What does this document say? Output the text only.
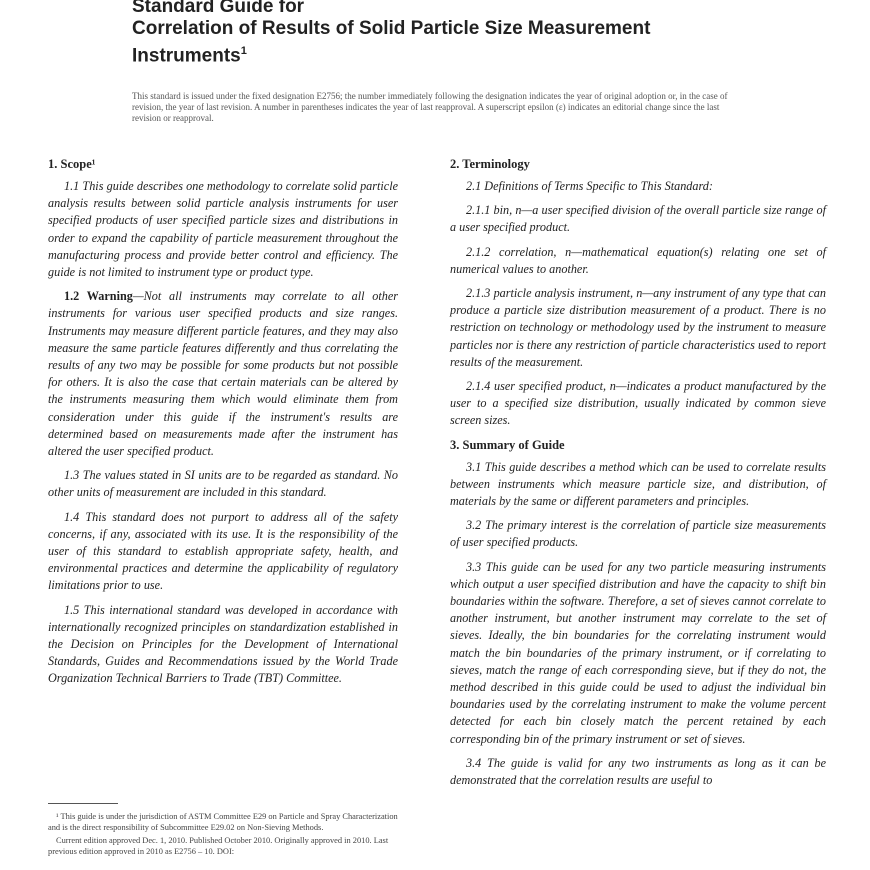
Standard Guide for
Correlation of Results of Solid Particle Size Measurement
Instruments$^1$
This standard is issued under the fixed designation E2756; the number immediately following the designation indicates the year of original adoption or, in the case of revision, the year of last revision. A number in parentheses indicates the year of last reapproval. A superscript epsilon (ε) indicates an editorial change since the last revision or reapproval.
1. Scope¹

1.1 This guide describes one methodology to correlate solid particle analysis results between solid particle analysis instruments for user specified products of user specified particle sizes and distributions in order to expand the capability of particle measurement throughout the manufacturing process and provide better control and efficiency. The guide is not limited to instrument type or product type.

1.2 Warning—Not all instruments may correlate to all other instruments for various user specified products and size ranges. Instruments may measure different particle features, and they may also measure the same particle features differently and thus correlating the results of any two may be possible for some products but not possible for others. It is also the case that certain materials can be altered by the instruments measuring them which would eliminate them from consideration under this guide if the instrument's results are determined based on measurements made after the instrument has altered the user specified product.

1.3 The values stated in SI units are to be regarded as standard. No other units of measurement are included in this standard.

1.4 This standard does not purport to address all of the safety concerns, if any, associated with its use. It is the responsibility of the user of this standard to establish appropriate safety, health, and environmental practices and determine the applicability of regulatory limitations prior to use.

1.5 This international standard was developed in accordance with internationally recognized principles on standardization established in the Decision on Principles for the Development of International Standards, Guides and Recommendations issued by the World Trade Organization Technical Barriers to Trade (TBT) Committee.

2. Terminology

2.1 Definitions of Terms Specific to This Standard:

2.1.1 bin, n—a user specified division of the overall particle size range of a user specified product.

2.1.2 correlation, n—mathematical equation(s) relating one set of numerical values to another.

2.1.3 particle analysis instrument, n—any instrument of any type that can produce a particle size distribution measurement of a product. There is no restriction on technology or methodology used by the instrument to measure particles nor is there any restriction of particle characteristics used to report results of the measurement.

2.1.4 user specified product, n—indicates a product manufactured by the user to a specified size distribution, usually indicated by common sieve screen sizes.

3. Summary of Guide

3.1 This guide describes a method which can be used to correlate results between instruments which measure particle size, and distribution, of materials by the same or different parameters and principles.

3.2 The primary interest is the correlation of particle size measurements of user specified products.

3.3 This guide can be used for any two particle measuring instruments which output a user specified distribution and have the capacity to shift bin boundaries within the software. Therefore, a set of sieves cannot correlate to another instrument, but another instrument may correlate to the set of sieves. Ideally, the bin boundaries for the correlating instrument would match the bin boundaries of the primary instrument, or if correlating to sieves, match the range of each corresponding sieve, but if they do not, the method described in this guide could be used to adjust the individual bin boundaries used by the correlating instrument to make the volume percent detected for each bin closely match the percent retained by each corresponding bin of the primary instrument or set of sieves.

3.4 The guide is valid for any two instruments as long as it can be demonstrated that the correlation results are useful to

¹ This guide is under the jurisdiction of ASTM Committee E29 on Particle and Spray Characterization and is the direct responsibility of Subcommittee E29.02 on Non-Sieving Methods.

Current edition approved Dec. 1, 2010. Published October 2010. Originally approved in 2010. Last previous edition approved in 2010 as E2756 – 10. DOI:
